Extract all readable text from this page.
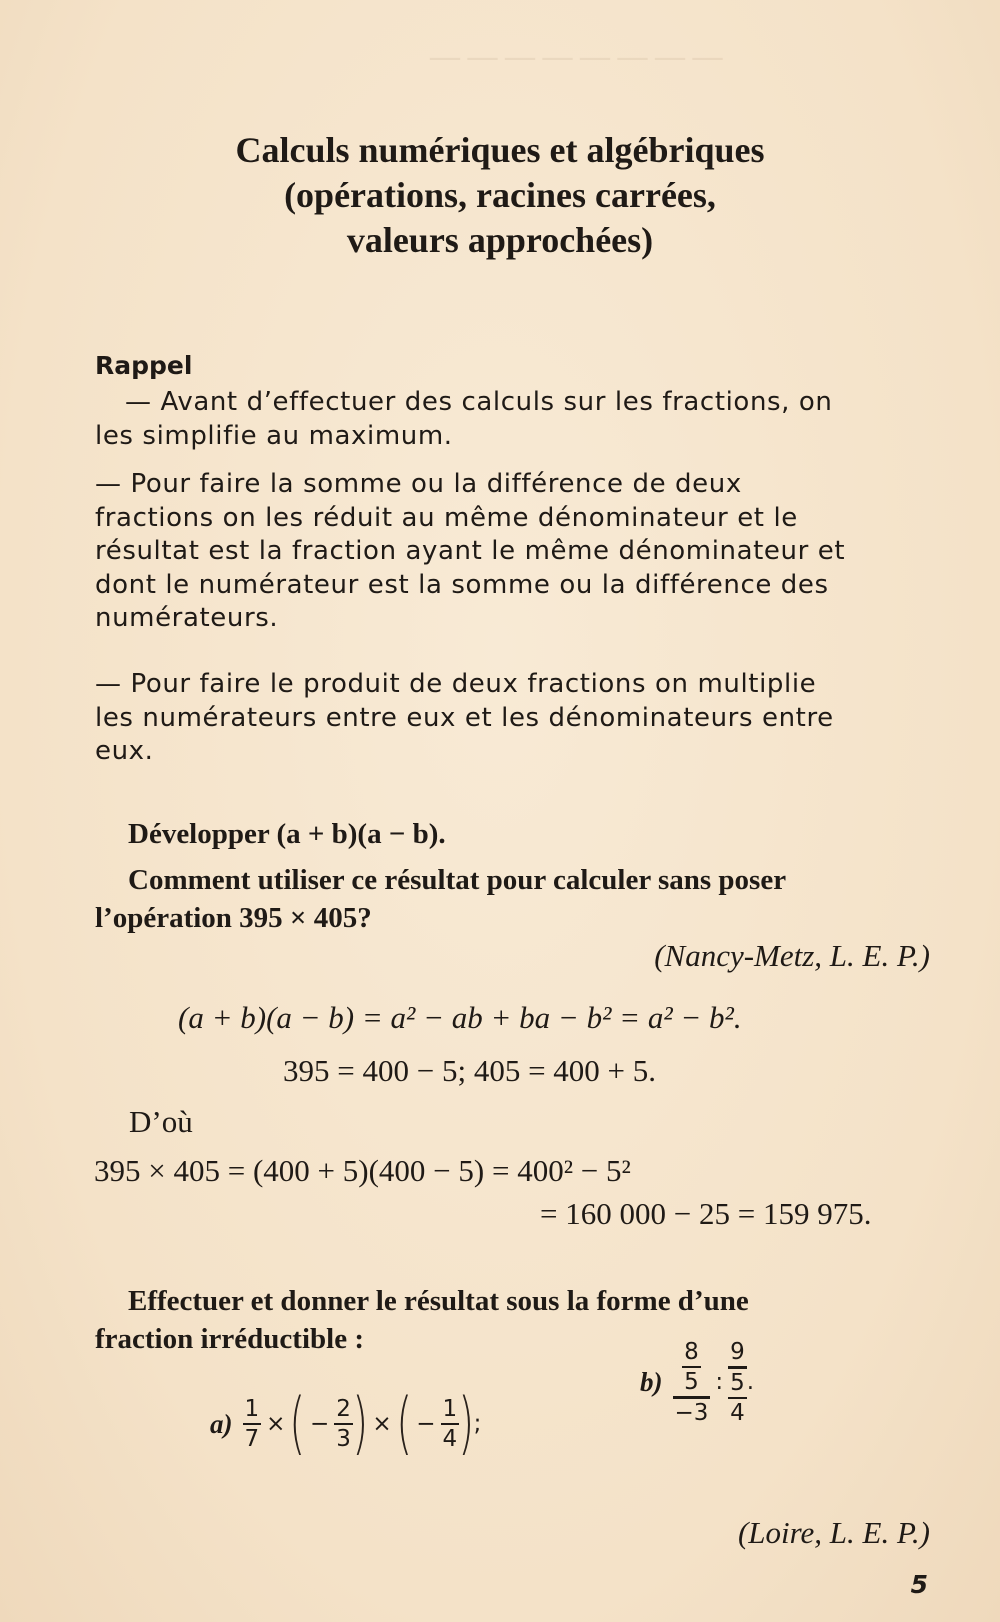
— — — — — — — —
Calculs numériques et algébriques
(opérations, racines carrées,
valeurs approchées)
Rappel
— Avant d’effectuer des calculs sur les fractions, on
les simplifie au maximum.
— Pour faire la somme ou la différence de deux
fractions on les réduit au même dénominateur et le
résultat est la fraction ayant le même dénominateur et
dont le numérateur est la somme ou la différence des
numérateurs.
— Pour faire le produit de deux fractions on multiplie
les numérateurs entre eux et les dénominateurs entre
eux.
Développer (a + b)(a − b).
Comment utiliser ce résultat pour calculer sans poser
l’opération 395 × 405?
(Nancy-Metz, L. E. P.)
(a + b)(a − b) = a² − ab + ba − b² = a² − b².
395 = 400 − 5; 405 = 400 + 5.
D’où
395 × 405 = (400 + 5)(400 − 5) = 400² − 5²
= 160 000 − 25 = 159 975.
Effectuer et donner le résultat sous la forme d’une
fraction irréductible :
$a) \frac{1}{7}$ × ( − $\frac{2}{3}$ ) × ( − $\frac{1}{4}$ ) ;
$b) \frac{\frac{8}{5}}{-3}$ : $\frac{9}{\frac{5}{4}}$ .
(Loire, L. E. P.)
5
